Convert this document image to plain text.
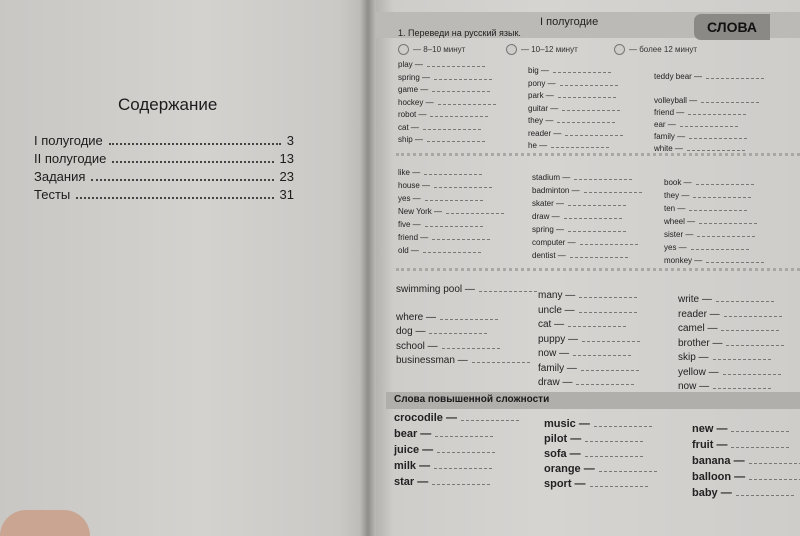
Содержание
I полугодие	3
II полугодие	13
Задания	23
Тесты	31
I полугодие	СЛОВА
1. Переведи на русский язык.
— 8–10 минут	— 10–12 минут	— более 12 минут
Слова повышенной сложности
play —
spring —
game —
hockey —
robot —
cat —
ship —
big —
pony —
park —
guitar —
they —
reader —
he —
teddy bear —
volleyball —
friend —
ear —
family —
white —
like —
house —
yes —
New York —
five —
friend —
old —
stadium —
badminton —
skater —
draw —
spring —
computer —
dentist —
book —
they —
ten —
wheel —
sister —
yes —
monkey —
swimming pool —
where —
dog —
school —
businessman —
many —
uncle —
cat —
puppy —
now —
family —
draw —
write —
reader —
camel —
brother —
skip —
yellow —
now —
crocodile —
bear —
juice —
milk —
star —
music —
pilot —
sofa —
orange —
sport —
new —
fruit —
banana —
balloon —
baby —
